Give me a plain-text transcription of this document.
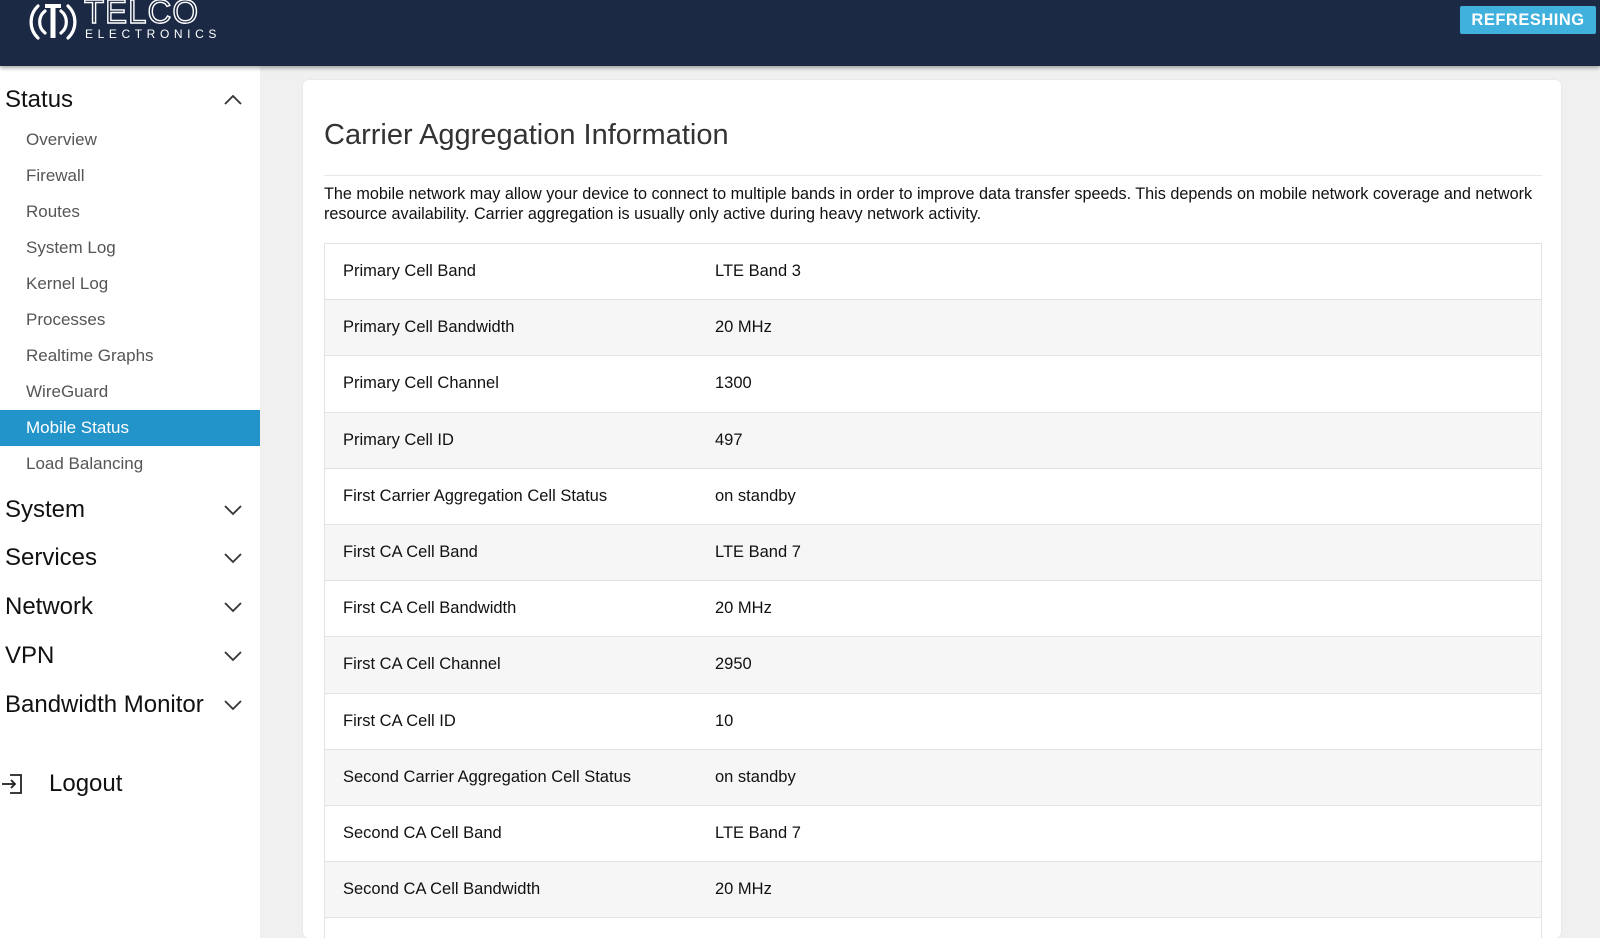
TELCO
ELECTRONICS
REFRESHING
Status
Overview
Firewall
Routes
System Log
Kernel Log
Processes
Realtime Graphs
WireGuard
Mobile Status
Load Balancing
System
Services
Network
VPN
Bandwidth Monitor
Logout
Carrier Aggregation Information

The mobile network may allow your device to connect to multiple bands in order to improve data transfer speeds. This depends on mobile network coverage and network resource availability. Carrier aggregation is usually only active during heavy network activity.

Primary Cell Band	LTE Band 3
Primary Cell Bandwidth	20 MHz
Primary Cell Channel	1300
Primary Cell ID	497
First Carrier Aggregation Cell Status	on standby
First CA Cell Band	LTE Band 7
First CA Cell Bandwidth	20 MHz
First CA Cell Channel	2950
First CA Cell ID	10
Second Carrier Aggregation Cell Status	on standby
Second CA Cell Band	LTE Band 7
Second CA Cell Bandwidth	20 MHz
